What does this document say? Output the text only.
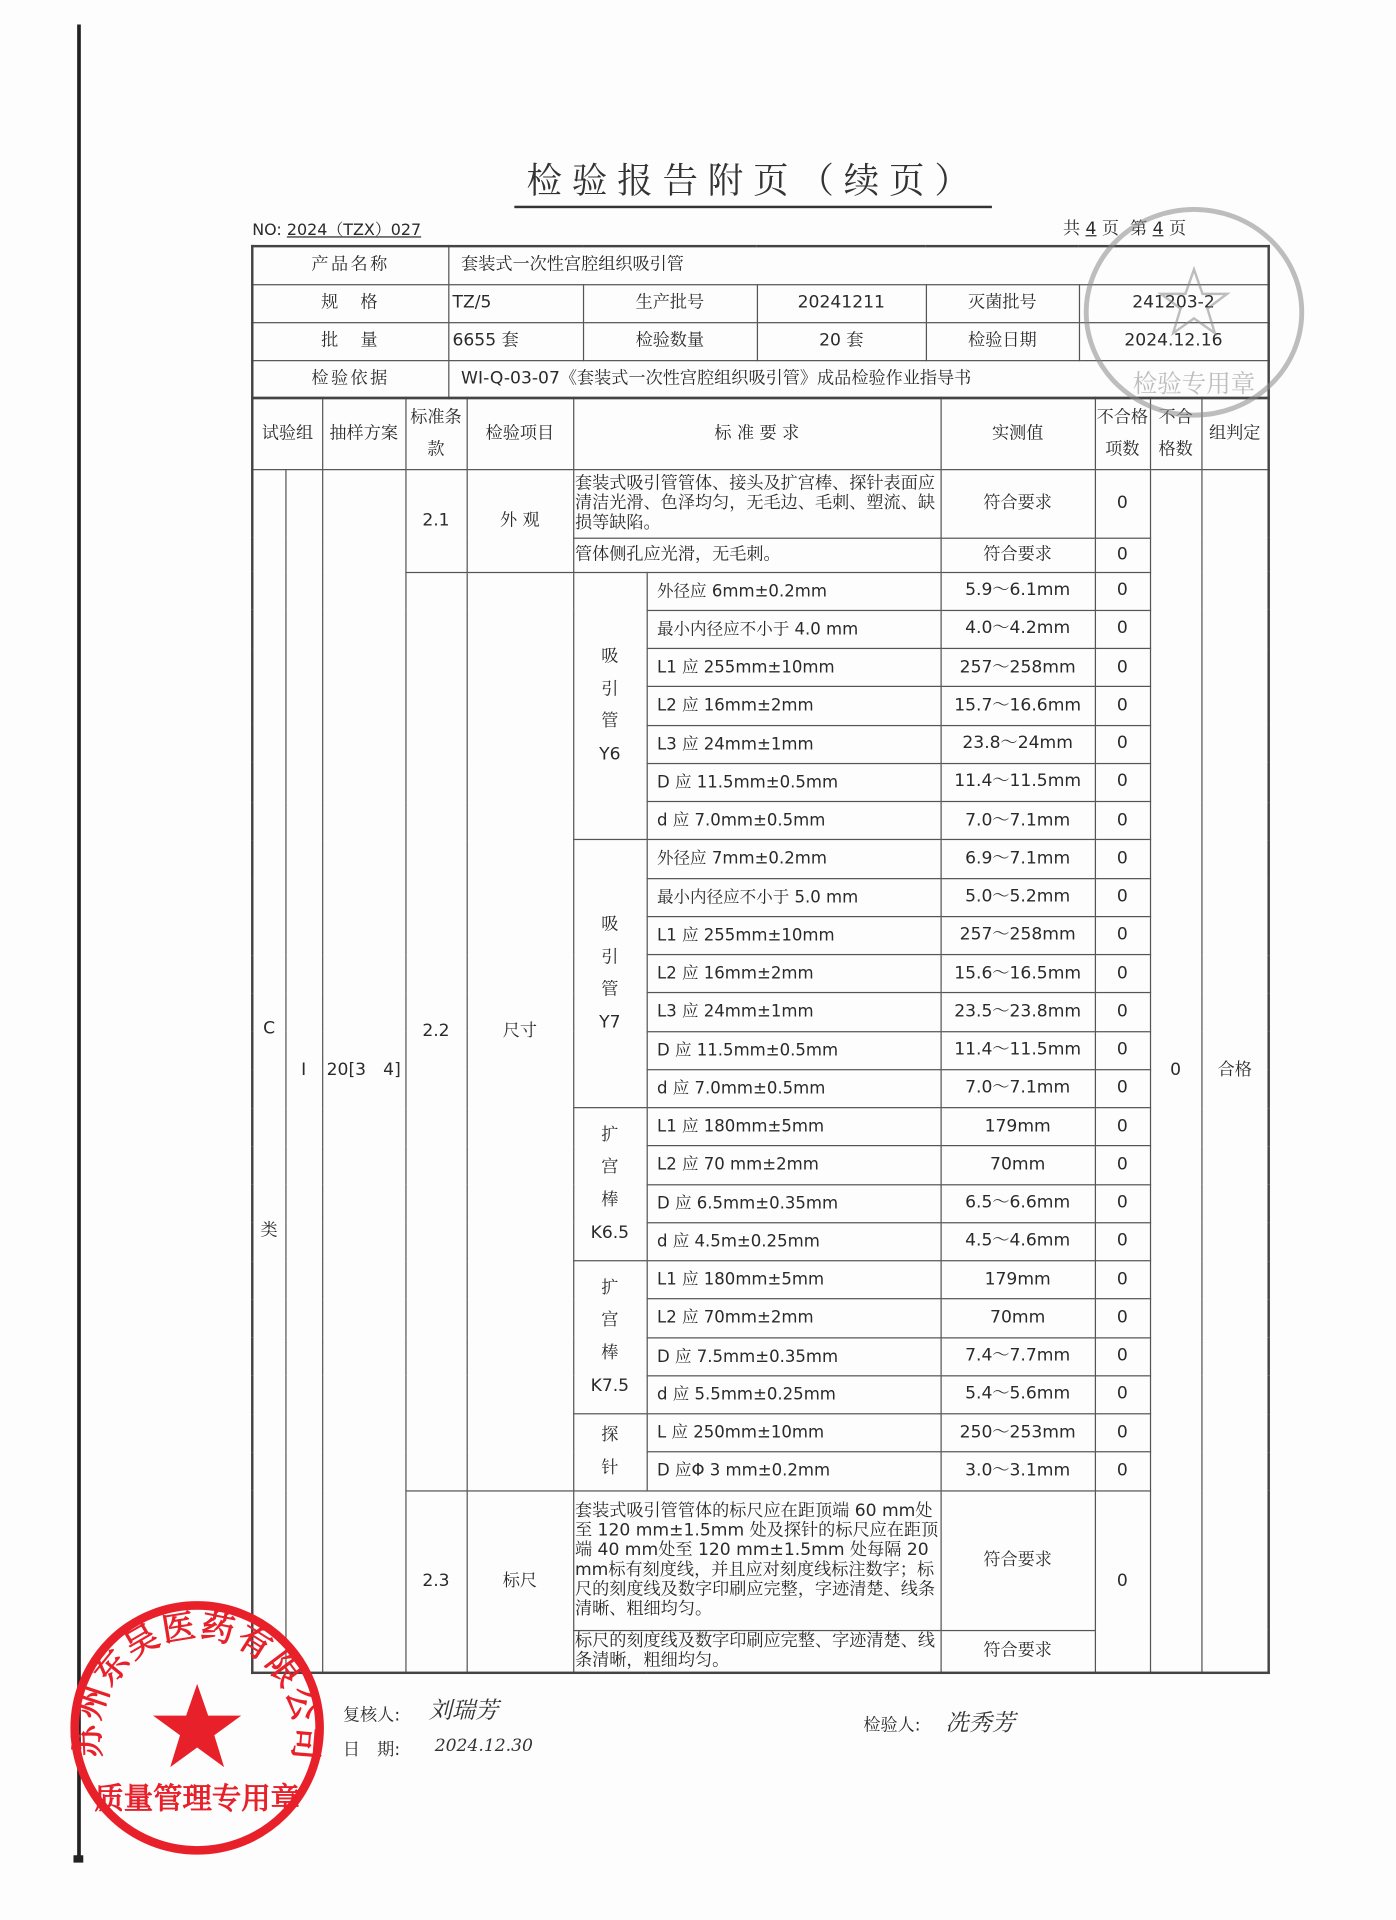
检验报告附页（续页）
NO: 2024（TZX）027	共 4 页 第 4 页
产品名称	套装式一次性宫腔组织吸引管				
规　格	TZ/5	生产批号	20241211	灭菌批号	241203-2
批　量	6655 套	检验数量	20 套	检验日期	2024.12.16
检验依据	WI-Q-03-07《套装式一次性宫腔组织吸引管》成品检验作业指导书				
试验组		抽样方案	标准条款	检验项目	标 准 要 求		实测值	不合格项数	不合格数	组判定

C
类	I	20[3　4]	2.1	外 观	套装式吸引管管体、接头及扩宫棒、探针表面应清洁光滑、色泽均匀，无毛边、毛刺、塑流、缺损等缺陷。		符合要求	0	0	合格
					管体侧孔应光滑，无毛刺。		符合要求	0		
			2.2	尺寸	吸
引
管
Y6	外径应 6mm±0.2mm	5.9～6.1mm	0		
						最小内径应不小于 4.0 mm	4.0～4.2mm	0		
						L1 应 255mm±10mm	257～258mm	0		
						L2 应 16mm±2mm	15.7～16.6mm	0		
						L3 应 24mm±1mm	23.8～24mm	0		
						D 应 11.5mm±0.5mm	11.4～11.5mm	0		
						d 应 7.0mm±0.5mm	7.0～7.1mm	0		

					吸
引
管
Y7	外径应 7mm±0.2mm	6.9～7.1mm	0		
						最小内径应不小于 5.0 mm	5.0～5.2mm	0		
						L1 应 255mm±10mm	257～258mm	0		
						L2 应 16mm±2mm	15.6～16.5mm	0		
						L3 应 24mm±1mm	23.5～23.8mm	0		
						D 应 11.5mm±0.5mm	11.4～11.5mm	0		
						d 应 7.0mm±0.5mm	7.0～7.1mm	0		

					扩
宫
棒
K6.5	L1 应 180mm±5mm	179mm	0		
						L2 应 70 mm±2mm	70mm	0		
						D 应 6.5mm±0.35mm	6.5～6.6mm	0		
						d 应 4.5m±0.25mm	4.5～4.6mm	0		

					扩
宫
棒
K7.5	L1 应 180mm±5mm	179mm	0		
						L2 应 70mm±2mm	70mm	0		
						D 应 7.5mm±0.35mm	7.4～7.7mm	0		
						d 应 5.5mm±0.25mm	5.4～5.6mm	0		

					探
针	L 应 250mm±10mm	250～253mm	0		
						D 应Φ 3 mm±0.2mm	3.0～3.1mm	0		
			2.3	标尺	套装式吸引管管体的标尺应在距顶端 60 mm处至 120 mm±1.5mm 处及探针的标尺应在距顶端 40 mm处至 120 mm±1.5mm 处每隔 20 mm标有刻度线，并且应对刻度线标注数字；标尺的刻度线及数字印刷应完整，字迹清楚、线条清晰、粗细均匀。		符合要求	0		
					标尺的刻度线及数字印刷应完整、字迹清楚、线条清晰，粗细均匀。		符合要求			
苏州东吴医药有限公司
质量管理专用章
检验专用章
复核人: 刘瑞芳
日　期: 2024.12.30
检验人: 冼秀芳
